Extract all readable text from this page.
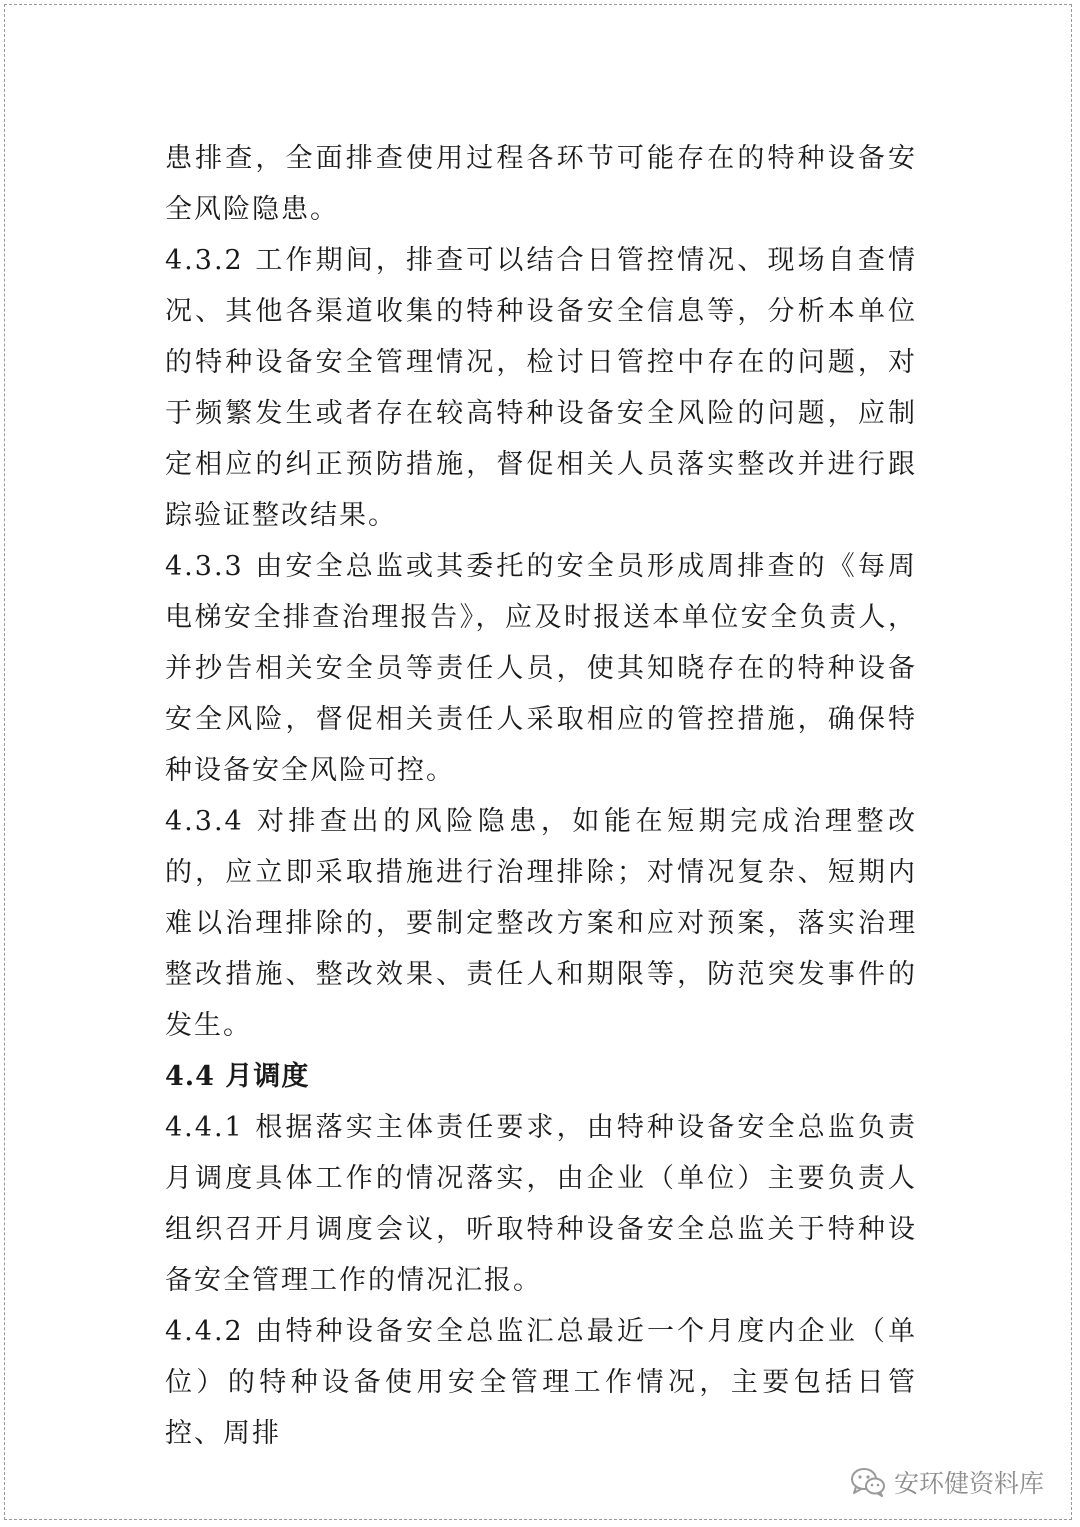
患排查，全面排查使用过程各环节可能存在的特种设备安全风险隐患。

4.3.2 工作期间，排查可以结合日管控情况、现场自查情况、其他各渠道收集的特种设备安全信息等，分析本单位的特种设备安全管理情况，检讨日管控中存在的问题，对于频繁发生或者存在较高特种设备安全风险的问题，应制定相应的纠正预防措施，督促相关人员落实整改并进行跟踪验证整改结果。

4.3.3 由安全总监或其委托的安全员形成周排查的《每周电梯安全排查治理报告》，应及时报送本单位安全负责人，并抄告相关安全员等责任人员，使其知晓存在的特种设备安全风险，督促相关责任人采取相应的管控措施，确保特种设备安全风险可控。

4.3.4 对排查出的风险隐患，如能在短期完成治理整改的，应立即采取措施进行治理排除；对情况复杂、短期内难以治理排除的，要制定整改方案和应对预案，落实治理整改措施、整改效果、责任人和期限等，防范突发事件的发生。

4.4 月调度

4.4.1 根据落实主体责任要求，由特种设备安全总监负责月调度具体工作的情况落实，由企业（单位）主要负责人组织召开月调度会议，听取特种设备安全总监关于特种设备安全管理工作的情况汇报。

4.4.2 由特种设备安全总监汇总最近一个月度内企业（单位）的特种设备使用安全管理工作情况，主要包括日管控、周排

安环健资料库
